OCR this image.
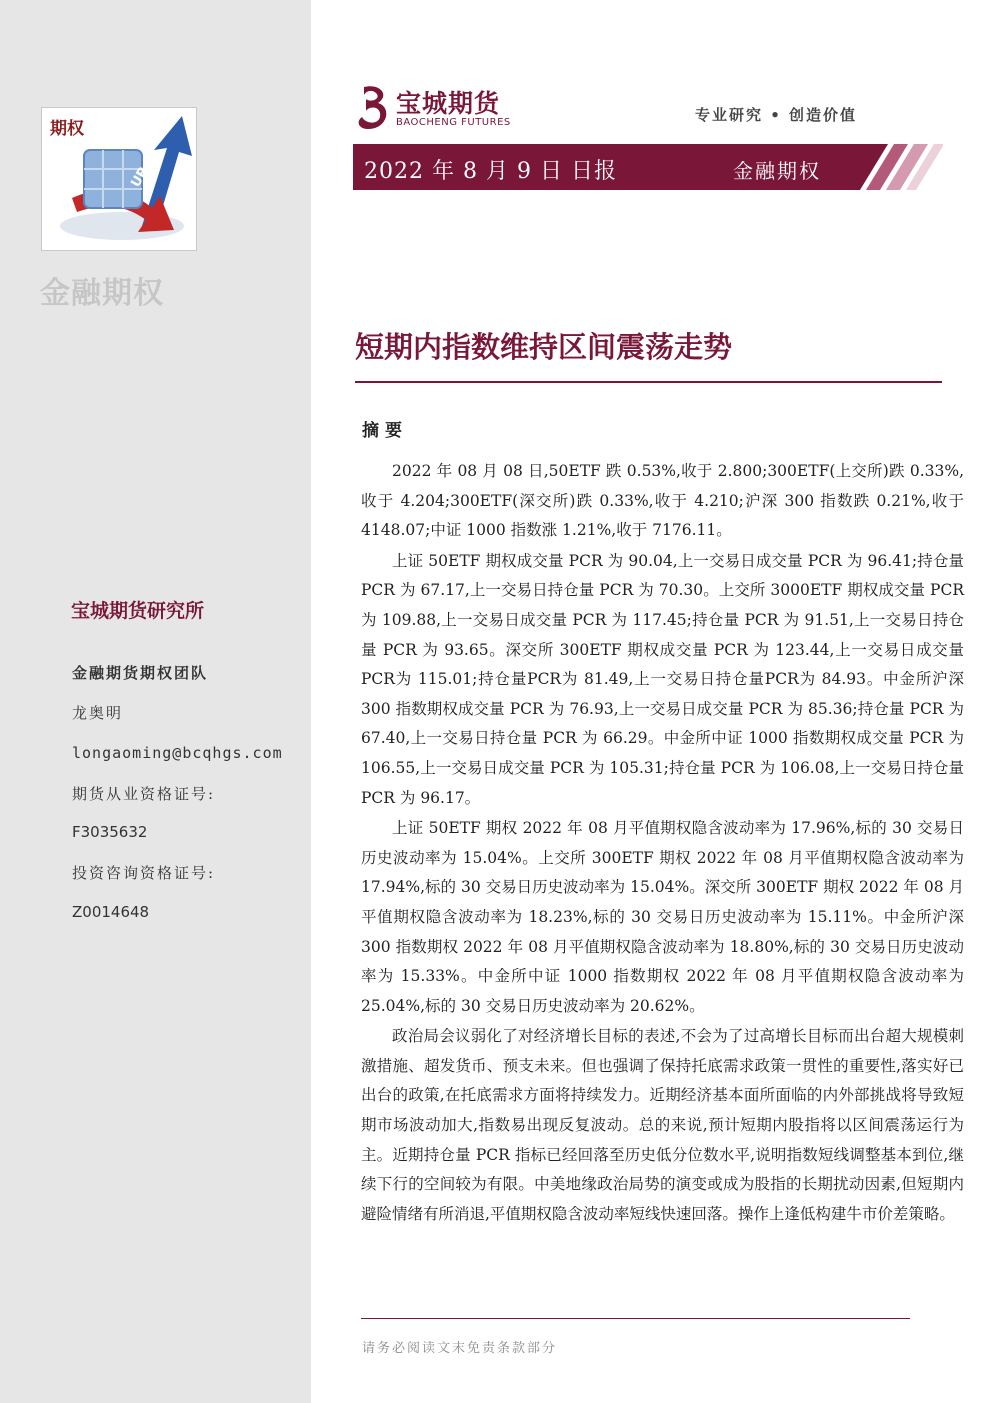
UP
期权
金融期权
宝城期货研究所
金融期货期权团队
龙奥明
longaoming@bcqhgs.com
期货从业资格证号:
F3035632
投资咨询资格证号:
Z0014648
宝城期货
BAOCHENG FUTURES	专业研究 • 创造价值
2022 年 8 月 9 日 日报	金融期权
短期内指数维持区间震荡走势
摘要

2022 年 08 月 08 日,50ETF 跌 0.53%,收于 2.800;300ETF(上交所)跌 0.33%,收于 4.204;300ETF(深交所)跌 0.33%,收于 4.210;沪深 300 指数跌 0.21%,收于 4148.07;中证 1000 指数涨 1.21%,收于 7176.11。

上证 50ETF 期权成交量 PCR 为 90.04,上一交易日成交量 PCR 为 96.41;持仓量 PCR 为 67.17,上一交易日持仓量 PCR 为 70.30。上交所 3000ETF 期权成交量 PCR 为 109.88,上一交易日成交量 PCR 为 117.45;持仓量 PCR 为 91.51,上一交易日持仓量 PCR 为 93.65。深交所 300ETF 期权成交量 PCR 为 123.44,上一交易日成交量PCR为 115.01;持仓量PCR为 81.49,上一交易日持仓量PCR为 84.93。中金所沪深 300 指数期权成交量 PCR 为 76.93,上一交易日成交量 PCR 为 85.36;持仓量 PCR 为 67.40,上一交易日持仓量 PCR 为 66.29。中金所中证 1000 指数期权成交量 PCR 为 106.55,上一交易日成交量 PCR 为 105.31;持仓量 PCR 为 106.08,上一交易日持仓量 PCR 为 96.17。

上证 50ETF 期权 2022 年 08 月平值期权隐含波动率为 17.96%,标的 30 交易日历史波动率为 15.04%。上交所 300ETF 期权 2022 年 08 月平值期权隐含波动率为 17.94%,标的 30 交易日历史波动率为 15.04%。深交所 300ETF 期权 2022 年 08 月平值期权隐含波动率为 18.23%,标的 30 交易日历史波动率为 15.11%。中金所沪深 300 指数期权 2022 年 08 月平值期权隐含波动率为 18.80%,标的 30 交易日历史波动率为 15.33%。中金所中证 1000 指数期权 2022 年 08 月平值期权隐含波动率为 25.04%,标的 30 交易日历史波动率为 20.62%。

政治局会议弱化了对经济增长目标的表述,不会为了过高增长目标而出台超大规模刺激措施、超发货币、预支未来。但也强调了保持托底需求政策一贯性的重要性,落实好已出台的政策,在托底需求方面将持续发力。近期经济基本面所面临的内外部挑战将导致短期市场波动加大,指数易出现反复波动。总的来说,预计短期内股指将以区间震荡运行为主。近期持仓量 PCR 指标已经回落至历史低分位数水平,说明指数短线调整基本到位,继续下行的空间较为有限。中美地缘政治局势的演变或成为股指的长期扰动因素,但短期内避险情绪有所消退,平值期权隐含波动率短线快速回落。操作上逢低构建牛市价差策略。

请务必阅读文末免责条款部分
